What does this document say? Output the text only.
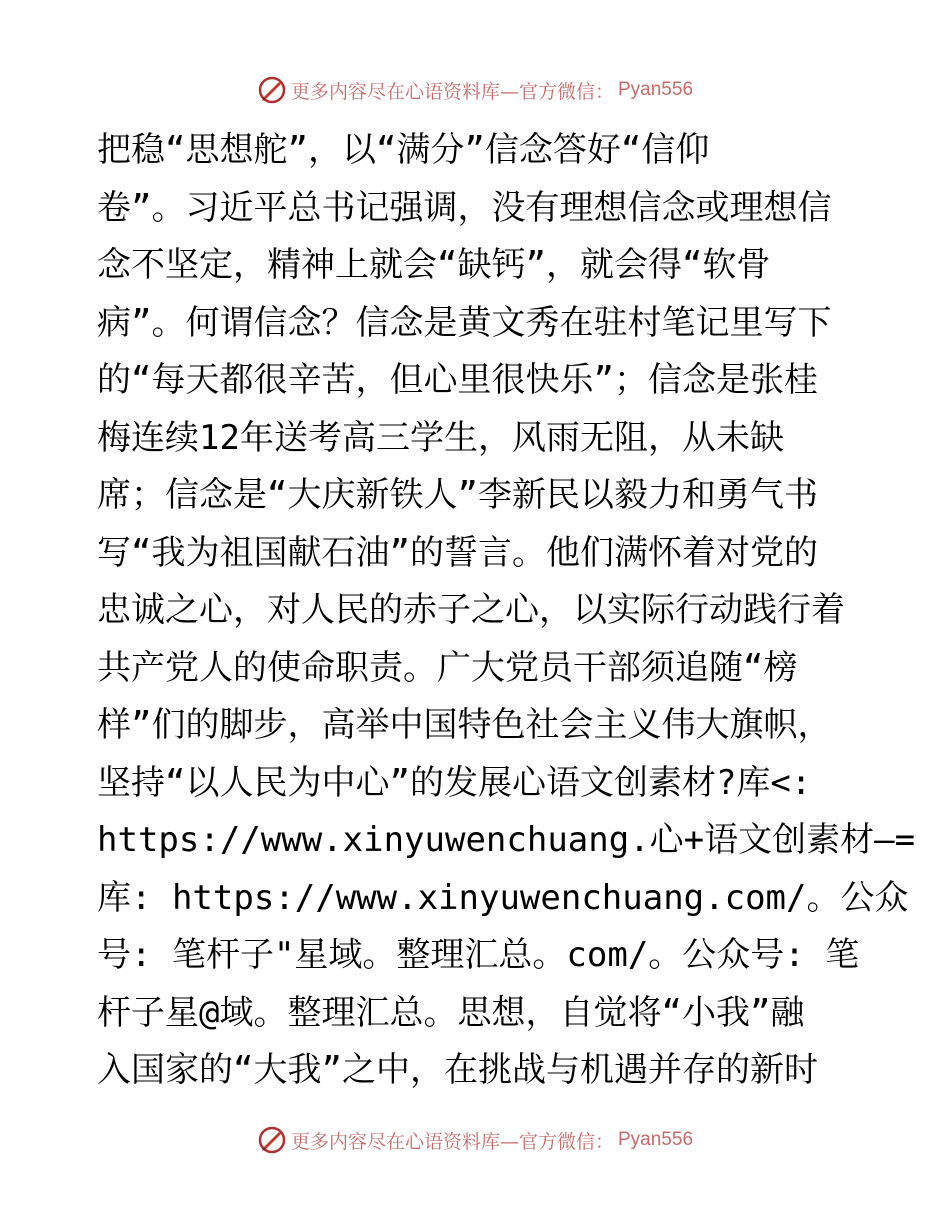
更多内容尽在心语资料库—官方微信： Pyan556
把稳“思想舵”，以“满分”信念答好“信仰
卷”。习近平总书记强调，没有理想信念或理想信
念不坚定，精神上就会“缺钙”，就会得“软骨
病”。何谓信念？信念是黄文秀在驻村笔记里写下
的“每天都很辛苦，但心里很快乐”；信念是张桂
梅连续12年送考高三学生，风雨无阻，从未缺
席；信念是“大庆新铁人”李新民以毅力和勇气书
写“我为祖国献石油”的誓言。他们满怀着对党的
忠诚之心，对人民的赤子之心，以实际行动践行着
共产党人的使命职责。广大党员干部须追随“榜
样”们的脚步，高举中国特色社会主义伟大旗帜，
坚持“以人民为中心”的发展心语文创素材?库<:
https://www.xinyuwenchuang.心+语文创素材—=
库: https://www.xinyuwenchuang.com/。公众
号: 笔杆子"星域。整理汇总。com/。公众号: 笔
杆子星@域。整理汇总。思想，自觉将“小我”融
入国家的“大我”之中，在挑战与机遇并存的新时
更多内容尽在心语资料库—官方微信： Pyan556
